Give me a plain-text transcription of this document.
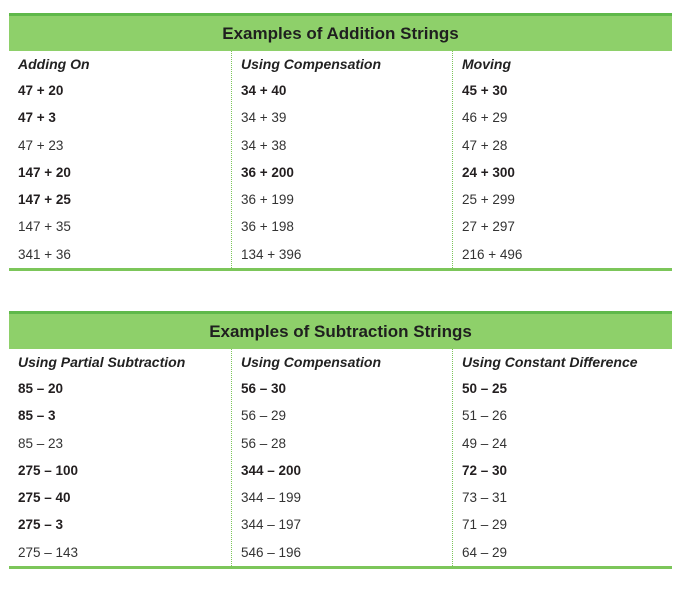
Examples of Addition Strings
Adding On
47 + 20
47 + 3
47 + 23
147 + 20
147 + 25
147 + 35
341 + 36
Using Compensation
34 + 40
34 + 39
34 + 38
36 + 200
36 + 199
36 + 198
134 + 396
Moving
45 + 30
46 + 29
47 + 28
24 + 300
25 + 299
27 + 297
216 + 496
Examples of Subtraction Strings
Using Partial Subtraction
85 – 20
85 – 3
85 – 23
275 – 100
275 – 40
275 – 3
275 – 143
Using Compensation
56 – 30
56 – 29
56 – 28
344 – 200
344 – 199
344 – 197
546 – 196
Using Constant Difference
50 – 25
51 – 26
49 – 24
72 – 30
73 – 31
71 – 29
64 – 29
